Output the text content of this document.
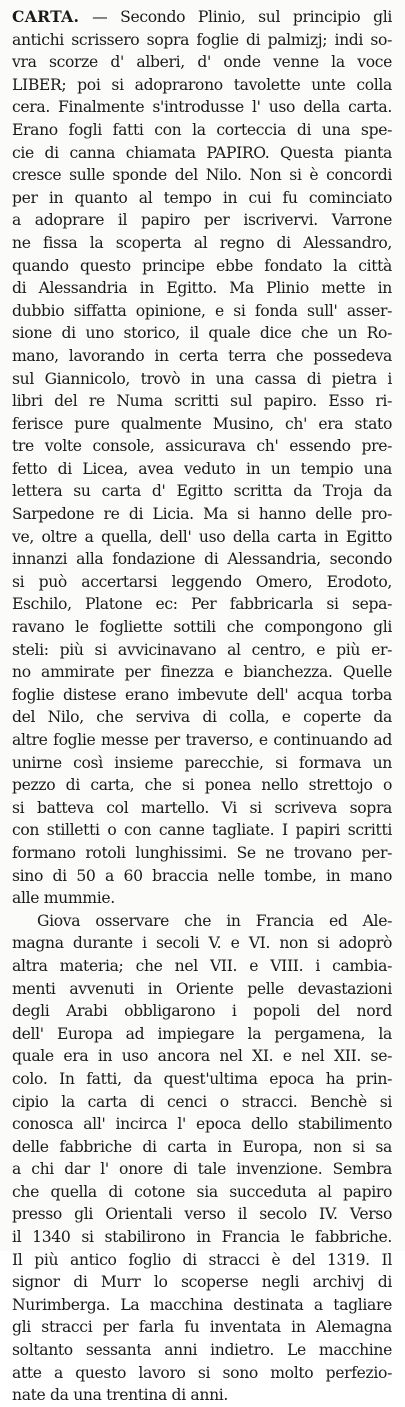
CARTA. — Secondo Plinio, sul principio gli
antichi scrissero sopra foglie di palmizj; indi so-
vra scorze d' alberi, d' onde venne la voce
LIBER; poi si adoprarono tavolette unte colla
cera. Finalmente s'introdusse l' uso della carta.
Erano fogli fatti con la corteccia di una spe-
cie di canna chiamata PAPIRO. Questa pianta
cresce sulle sponde del Nilo. Non si è concordi
per in quanto al tempo in cui fu cominciato
a adoprare il papiro per iscrivervi. Varrone
ne fissa la scoperta al regno di Alessandro,
quando questo principe ebbe fondato la città
di Alessandria in Egitto. Ma Plinio mette in
dubbio siffatta opinione, e si fonda sull' asser-
sione di uno storico, il quale dice che un Ro-
mano, lavorando in certa terra che possedeva
sul Giannicolo, trovò in una cassa di pietra i
libri del re Numa scritti sul papiro. Esso ri-
ferisce pure qualmente Musino, ch' era stato
tre volte console, assicurava ch' essendo pre-
fetto di Licea, avea veduto in un tempio una
lettera su carta d' Egitto scritta da Troja da
Sarpedone re di Licia. Ma si hanno delle pro-
ve, oltre a quella, dell' uso della carta in Egitto
innanzi alla fondazione di Alessandria, secondo
si può accertarsi leggendo Omero, Erodoto,
Eschilo, Platone ec: Per fabbricarla si sepa-
ravano le fogliette sottili che compongono gli
steli: più si avvicinavano al centro, e più er-
no ammirate per finezza e bianchezza. Quelle
foglie distese erano imbevute dell' acqua torba
del Nilo, che serviva di colla, e coperte da
altre foglie messe per traverso, e continuando ad
unirne così insieme parecchie, si formava un
pezzo di carta, che si ponea nello strettojo o
si batteva col martello. Vi si scriveva sopra
con stilletti o con canne tagliate. I papiri scritti
formano rotoli lunghissimi. Se ne trovano per-
sino di 50 a 60 braccia nelle tombe, in mano
alle mummie.
Giova osservare che in Francia ed Ale-
magna durante i secoli V. e VI. non si adoprò
altra materia; che nel VII. e VIII. i cambia-
menti avvenuti in Oriente pelle devastazioni
degli Arabi obbligarono i popoli del nord
dell' Europa ad impiegare la pergamena, la
quale era in uso ancora nel XI. e nel XII. se-
colo. In fatti, da quest'ultima epoca ha prin-
cipio la carta di cenci o stracci. Benchè si
conosca all' incirca l' epoca dello stabilimento
delle fabbriche di carta in Europa, non si sa
a chi dar l' onore di tale invenzione. Sembra
che quella di cotone sia succeduta al papiro
presso gli Orientali verso il secolo IV. Verso
il 1340 si stabilirono in Francia le fabbriche.
Il più antico foglio di stracci è del 1319. Il
signor di Murr lo scoperse negli archivj di
Nurimberga. La macchina destinata a tagliare
gli stracci per farla fu inventata in Alemagna
soltanto sessanta anni indietro. Le macchine
atte a questo lavoro si sono molto perfezio-
nate da una trentina di anni.
